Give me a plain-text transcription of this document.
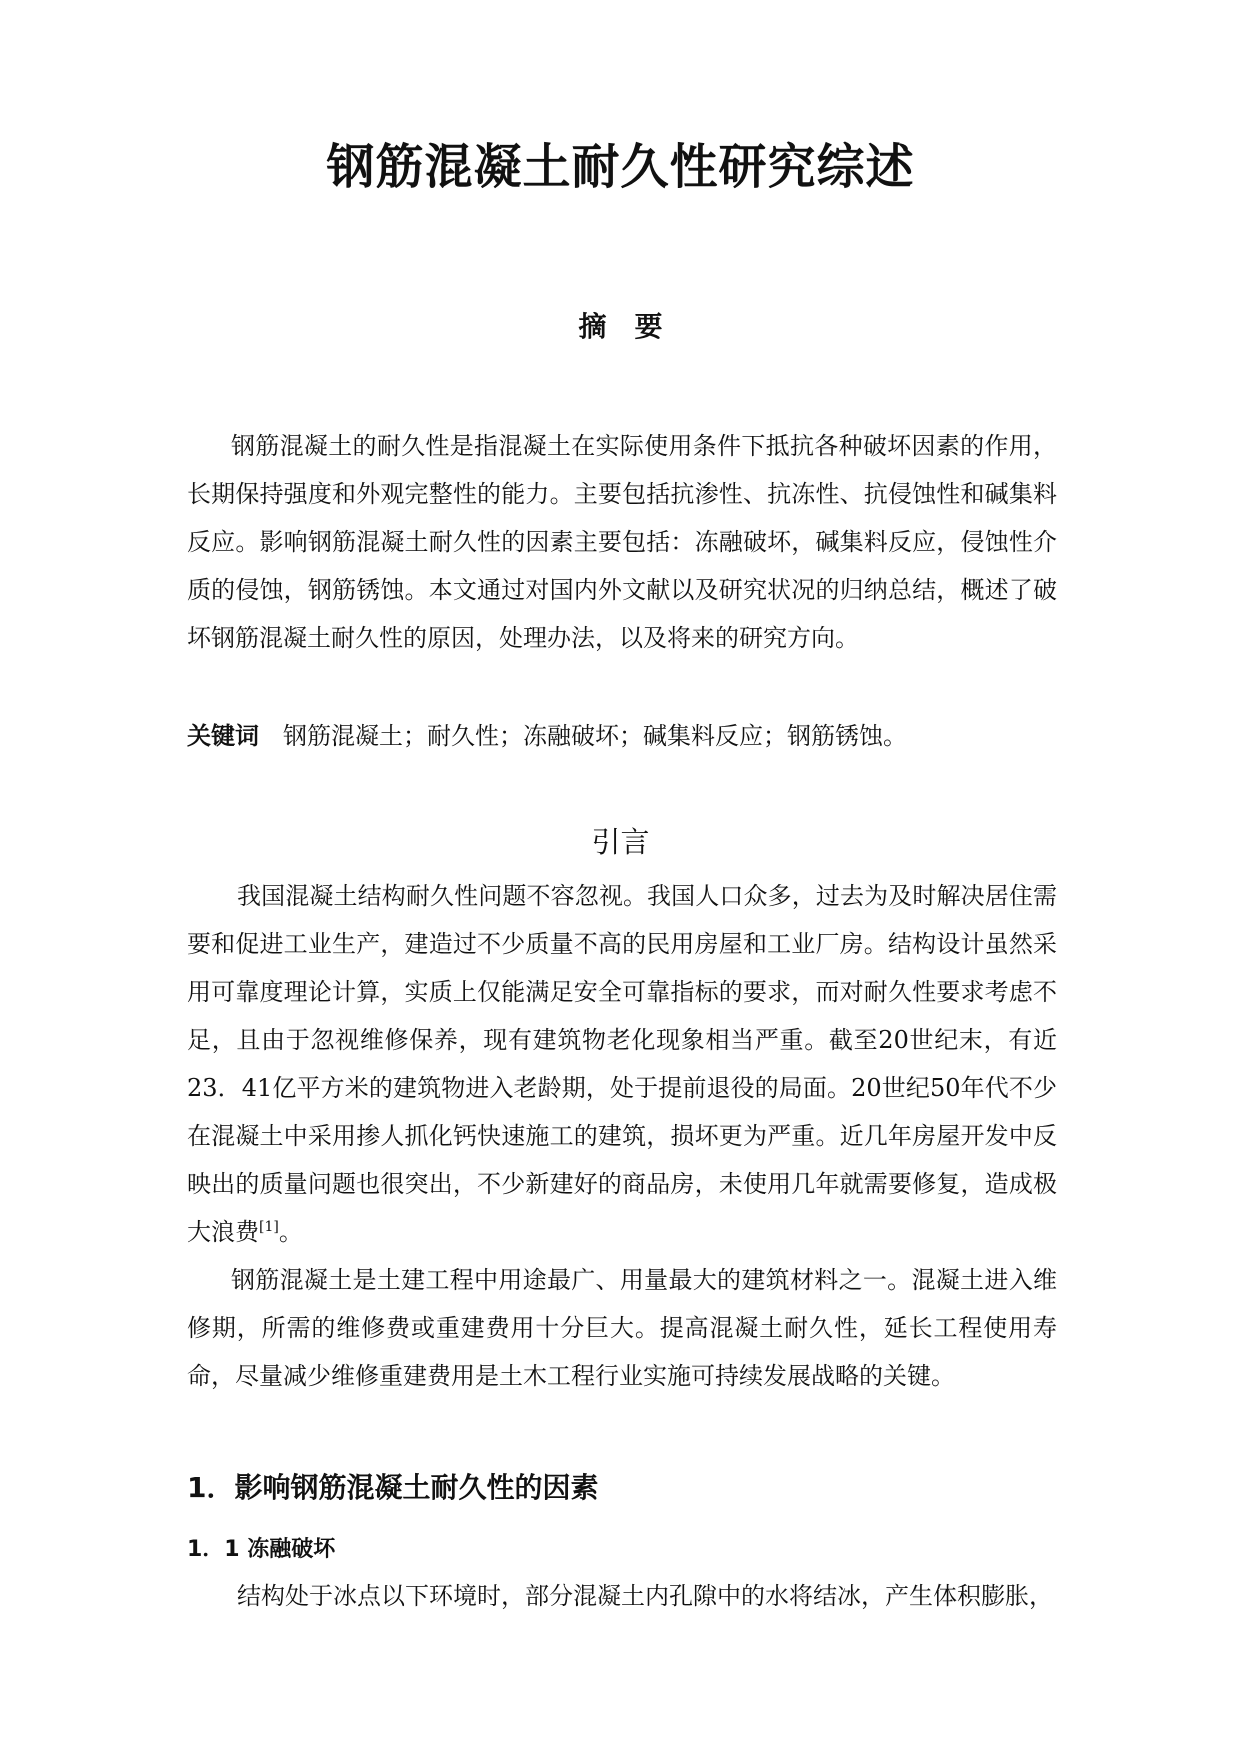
钢筋混凝土耐久性研究综述
摘要

钢筋混凝土的耐久性是指混凝土在实际使用条件下抵抗各种破坏因素的作用，长期保持强度和外观完整性的能力。主要包括抗渗性、抗冻性、抗侵蚀性和碱集料反应。影响钢筋混凝土耐久性的因素主要包括：冻融破坏，碱集料反应，侵蚀性介质的侵蚀，钢筋锈蚀。本文通过对国内外文献以及研究状况的归纳总结，概述了破坏钢筋混凝土耐久性的原因，处理办法，以及将来的研究方向。

关键词 钢筋混凝土；耐久性；冻融破坏；碱集料反应；钢筋锈蚀。
引言

我国混凝土结构耐久性问题不容忽视。我国人口众多，过去为及时解决居住需要和促进工业生产，建造过不少质量不高的民用房屋和工业厂房。结构设计虽然采用可靠度理论计算，实质上仅能满足安全可靠指标的要求，而对耐久性要求考虑不足，且由于忽视维修保养，现有建筑物老化现象相当严重。截至20世纪末，有近23．41亿平方米的建筑物进入老龄期，处于提前退役的局面。20世纪50年代不少在混凝土中采用掺人抓化钙快速施工的建筑，损坏更为严重。近几年房屋开发中反映出的质量问题也很突出，不少新建好的商品房，未使用几年就需要修复，造成极大浪费[1]。

钢筋混凝土是土建工程中用途最广、用量最大的建筑材料之一。混凝土进入维修期，所需的维修费或重建费用十分巨大。提高混凝土耐久性，延长工程使用寿命，尽量减少维修重建费用是土木工程行业实施可持续发展战略的关键。

1．影响钢筋混凝土耐久性的因素
1．1 冻融破坏

结构处于冰点以下环境时，部分混凝土内孔隙中的水将结冰，产生体积膨胀，
